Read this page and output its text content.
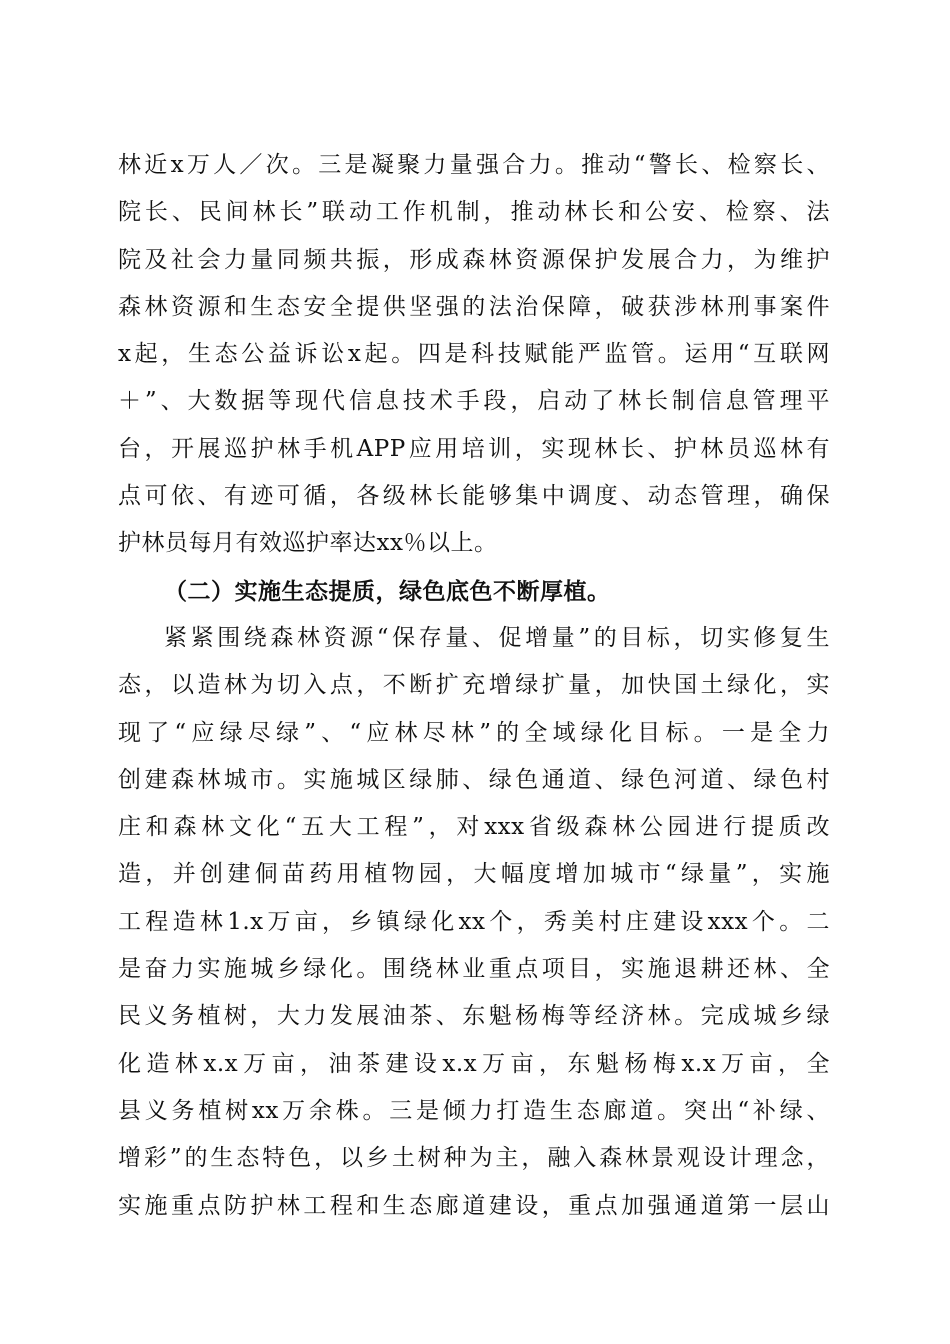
林近x万人／次。三是凝聚力量强合力。推动“警长、检察长、
院长、民间林长”联动工作机制，推动林长和公安、检察、法
院及社会力量同频共振，形成森林资源保护发展合力，为维护
森林资源和生态安全提供坚强的法治保障，破获涉林刑事案件
x起，生态公益诉讼x起。四是科技赋能严监管。运用“互联网
＋”、大数据等现代信息技术手段，启动了林长制信息管理平
台，开展巡护林手机APP应用培训，实现林长、护林员巡林有
点可依、有迹可循，各级林长能够集中调度、动态管理，确保
护林员每月有效巡护率达xx％以上。
（二）实施生态提质，绿色底色不断厚植。
紧紧围绕森林资源“保存量、促增量”的目标，切实修复生
态，以造林为切入点，不断扩充增绿扩量，加快国土绿化，实
现了“应绿尽绿”、“应林尽林”的全域绿化目标。一是全力
创建森林城市。实施城区绿肺、绿色通道、绿色河道、绿色村
庄和森林文化“五大工程”，对xxx省级森林公园进行提质改
造，并创建侗苗药用植物园，大幅度增加城市“绿量”，实施
工程造林1.x万亩，乡镇绿化xx个，秀美村庄建设xxx个。二
是奋力实施城乡绿化。围绕林业重点项目，实施退耕还林、全
民义务植树，大力发展油茶、东魁杨梅等经济林。完成城乡绿
化造林x.x万亩，油茶建设x.x万亩，东魁杨梅x.x万亩，全
县义务植树xx万余株。三是倾力打造生态廊道。突出“补绿、
增彩”的生态特色，以乡土树种为主，融入森林景观设计理念，
实施重点防护林工程和生态廊道建设，重点加强通道第一层山
